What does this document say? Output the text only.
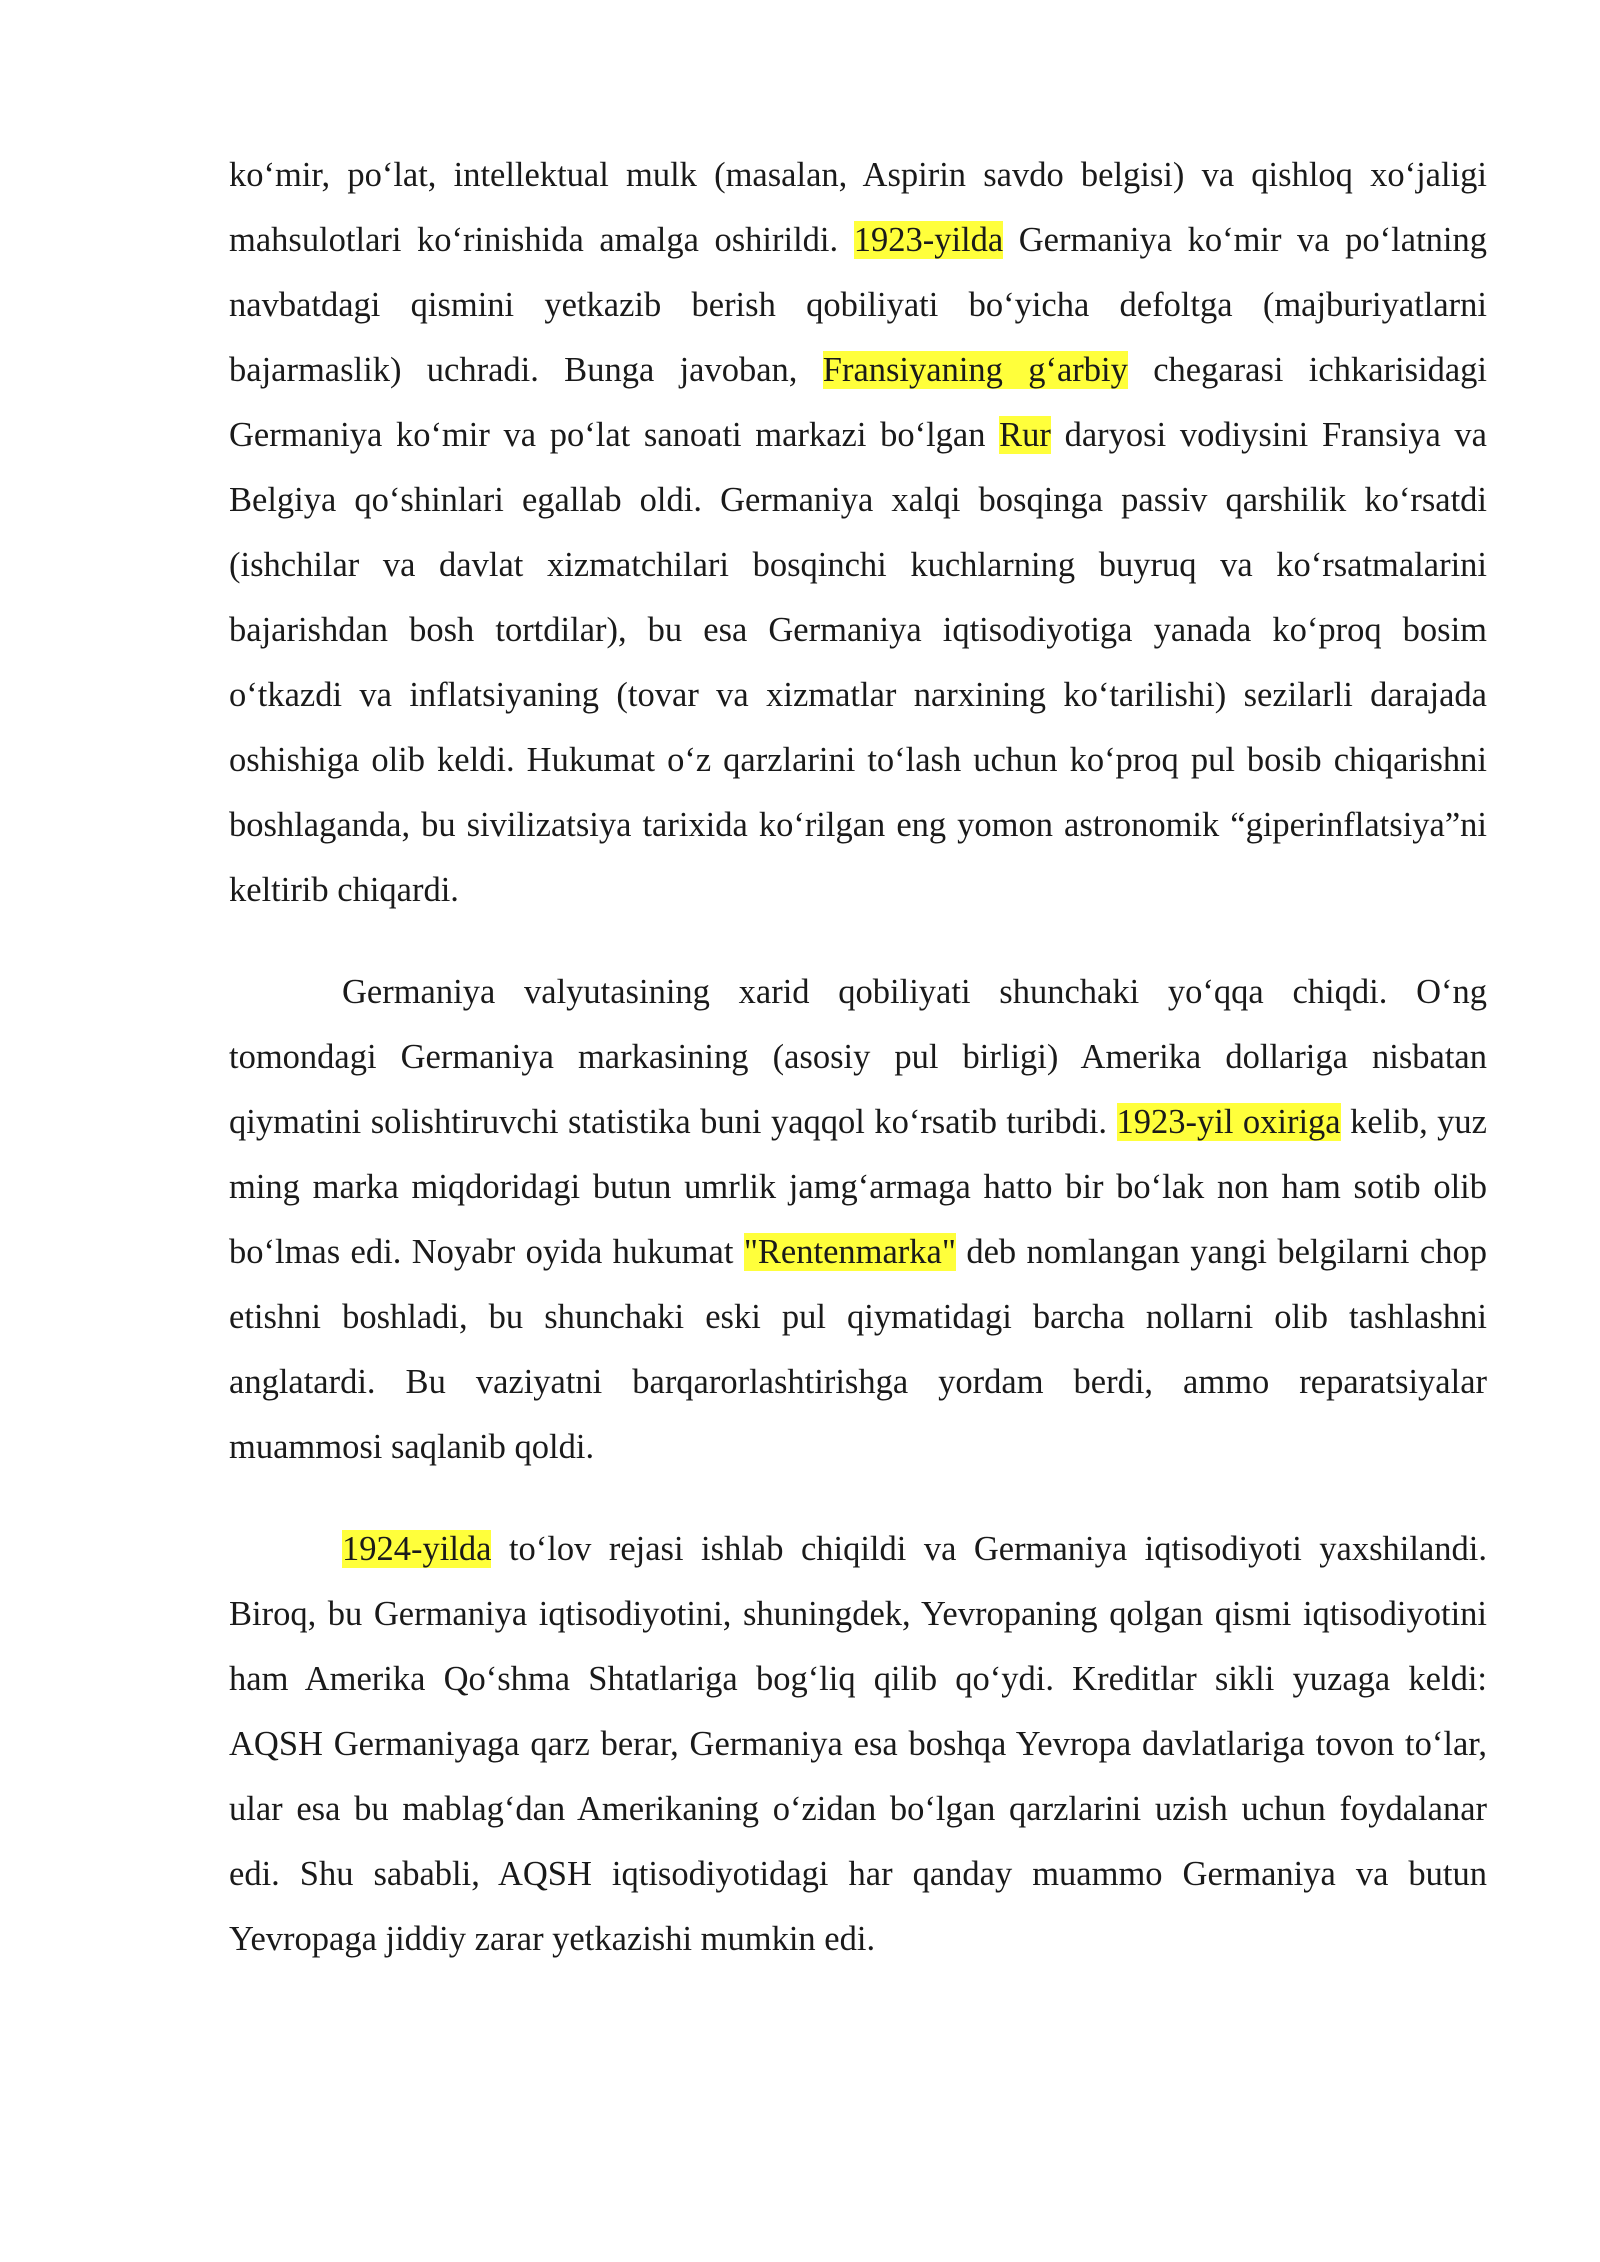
ko‘mir, po‘lat, intellektual mulk (masalan, Aspirin savdo belgisi) va qishloq xo‘jaligi mahsulotlari ko‘rinishida amalga oshirildi. 1923-yilda Germaniya ko‘mir va po‘latning navbatdagi qismini yetkazib berish qobiliyati bo‘yicha defoltga (majburiyatlarni bajarmaslik) uchradi. Bunga javoban, Fransiyaning g‘arbiy chegarasi ichkarisidagi Germaniya ko‘mir va po‘lat sanoati markazi bo‘lgan Rur daryosi vodiysini Fransiya va Belgiya qo‘shinlari egallab oldi. Germaniya xalqi bosqinga passiv qarshilik ko‘rsatdi (ishchilar va davlat xizmatchilari bosqinchi kuchlarning buyruq va ko‘rsatmalarini bajarishdan bosh tortdilar), bu esa Germaniya iqtisodiyotiga yanada ko‘proq bosim o‘tkazdi va inflatsiyaning (tovar va xizmatlar narxining ko‘tarilishi) sezilarli darajada oshishiga olib keldi. Hukumat o‘z qarzlarini to‘lash uchun ko‘proq pul bosib chiqarishni boshlaganda, bu sivilizatsiya tarixida ko‘rilgan eng yomon astronomik “giperinflatsiya”ni keltirib chiqardi.

Germaniya valyutasining xarid qobiliyati shunchaki yo‘qqa chiqdi. O‘ng tomondagi Germaniya markasining (asosiy pul birligi) Amerika dollariga nisbatan qiymatini solishtiruvchi statistika buni yaqqol ko‘rsatib turibdi. 1923-yil oxiriga kelib, yuz ming marka miqdoridagi butun umrlik jamg‘armaga hatto bir bo‘lak non ham sotib olib bo‘lmas edi. Noyabr oyida hukumat "Rentenmarka" deb nomlangan yangi belgilarni chop etishni boshladi, bu shunchaki eski pul qiymatidagi barcha nollarni olib tashlashni anglatardi. Bu vaziyatni barqarorlashtirishga yordam berdi, ammo reparatsiyalar muammosi saqlanib qoldi.

1924-yilda to‘lov rejasi ishlab chiqildi va Germaniya iqtisodiyoti yaxshilandi. Biroq, bu Germaniya iqtisodiyotini, shuningdek, Yevropaning qolgan qismi iqtisodiyotini ham Amerika Qo‘shma Shtatlariga bog‘liq qilib qo‘ydi. Kreditlar sikli yuzaga keldi: AQSH Germaniyaga qarz berar, Germaniya esa boshqa Yevropa davlatlariga tovon to‘lar, ular esa bu mablag‘dan Amerikaning o‘zidan bo‘lgan qarzlarini uzish uchun foydalanar edi. Shu sababli, AQSH iqtisodiyotidagi har qanday muammo Germaniya va butun Yevropaga jiddiy zarar yetkazishi mumkin edi.
